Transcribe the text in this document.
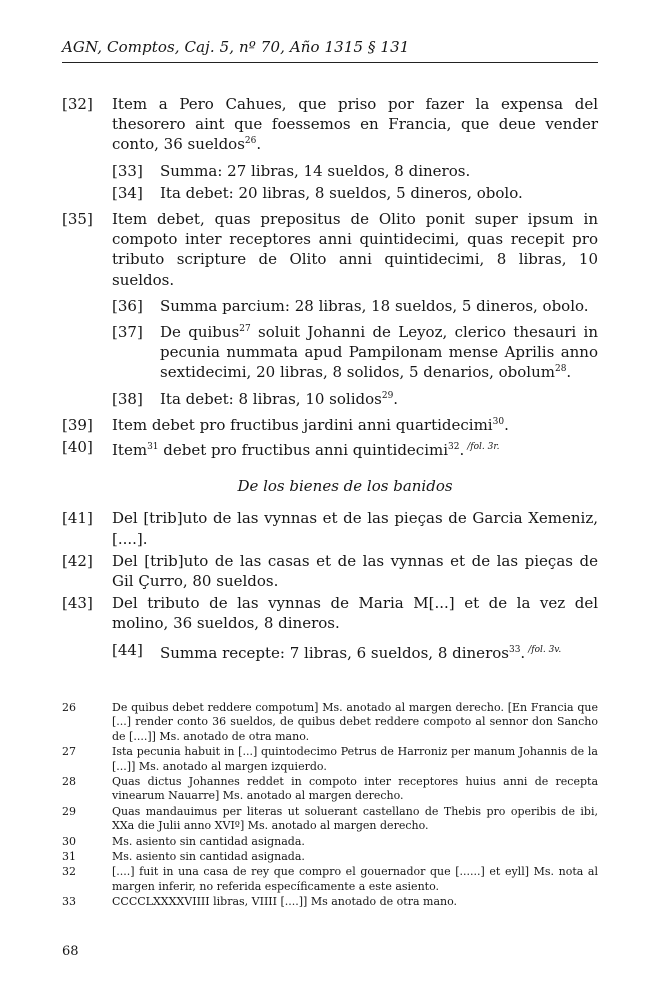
AGN, Comptos, Caj. 5, nº 70, Año 1315 § 131
[32]	Item a Pero Cahues, que priso por fazer la expensa del thesorero aint que foessemos en Francia, que deue vender conto, 36 sueldos$^{26}$.
[33]	Summa: 27 libras, 14 sueldos, 8 dineros.
[34]	Ita debet: 20 libras, 8 sueldos, 5 dineros, obolo.
[35]	Item debet, quas prepositus de Olito ponit super ipsum in compoto inter receptores anni quintidecimi, quas recepit pro tributo scripture de Olito anni quintidecimi, 8 libras, 10 sueldos.
[36]	Summa parcium: 28 libras, 18 sueldos, 5 dineros, obolo.
[37]	De quibus$^{27}$ soluit Johanni de Leyoz, clerico thesauri in pecunia nummata apud Pampilonam mense Aprilis anno sextidecimi, 20 libras, 8 solidos, 5 denarios, obolum$^{28}$.
[38]	Ita debet: 8 libras, 10 solidos$^{29}$.
[39]	Item debet pro fructibus jardini anni quartidecimi$^{30}$.
[40]	Item$^{31}$ debet pro fructibus anni quintidecimi$^{32}$. $^{/fol. 3r.}$
De los bienes de los banidos
[41]	Del [trib]uto de las vynnas et de las pieças de Garcia Xemeniz, [....].
[42]	Del [trib]uto de las casas et de las vynnas et de las pieças de Gil Çurro, 80 sueldos.
[43]	Del tributo de las vynnas de Maria M[...] et de la vez del molino, 36 sueldos, 8 dineros.
[44]	Summa recepte: 7 libras, 6 sueldos, 8 dineros$^{33}$. $^{/fol. 3v.}$
26	De quibus debet reddere compotum] Ms. anotado al margen derecho. [En Francia que [...] render conto 36 sueldos, de quibus debet reddere compoto al sennor don Sancho de [....]] Ms. anotado de otra mano.
27	Ista pecunia habuit in [...] quintodecimo Petrus de Harroniz per manum Johannis de la [...]] Ms. anotado al margen izquierdo.
28	Quas dictus Johannes reddet in compoto inter receptores huius anni de recepta vinearum Nauarre] Ms. anotado al margen derecho.
29	Quas mandauimus per literas ut soluerant castellano de Thebis pro operibis de ibi, XXa die Julii anno XVIº] Ms. anotado al margen derecho.
30	Ms. asiento sin cantidad asignada.
31	Ms. asiento sin cantidad asignada.
32	[....] fuit in una casa de rey que compro el gouernador que [......] et eyll] Ms. nota al margen inferir, no referida específicamente a este asiento.
33	CCCCLXXXXVIIII libras, VIIII [....]] Ms anotado de otra mano.
68
